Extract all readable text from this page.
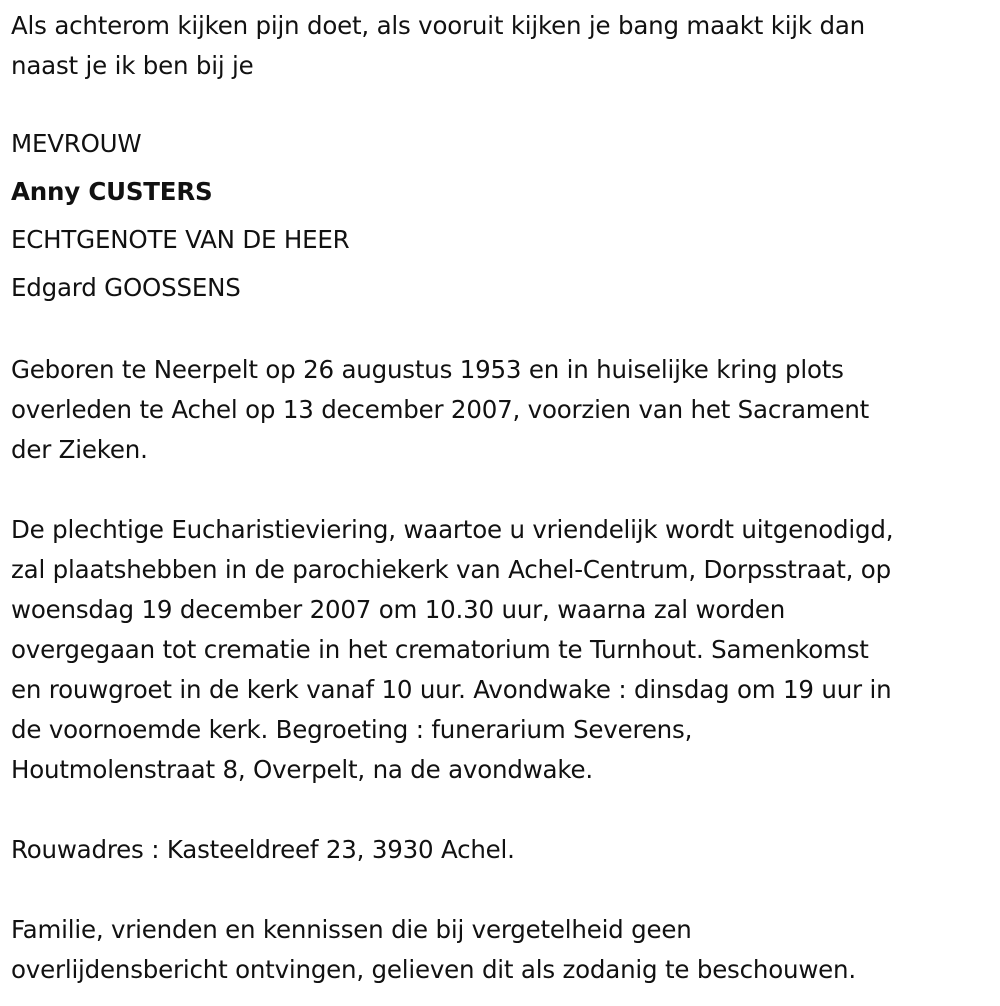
Als achterom kijken pijn doet, als vooruit kijken je bang maakt kijk dan
naast je ik ben bij je

MEVROUW
Anny CUSTERS
ECHTGENOTE VAN DE HEER
Edgard GOOSSENS

Geboren te Neerpelt op 26 augustus 1953 en in huiselijke kring plots
overleden te Achel op 13 december 2007, voorzien van het Sacrament
der Zieken.

De plechtige Eucharistieviering, waartoe u vriendelijk wordt uitgenodigd,
zal plaatshebben in de parochiekerk van Achel-Centrum, Dorpsstraat, op
woensdag 19 december 2007 om 10.30 uur, waarna zal worden
overgegaan tot crematie in het crematorium te Turnhout. Samenkomst
en rouwgroet in de kerk vanaf 10 uur. Avondwake : dinsdag om 19 uur in
de voornoemde kerk. Begroeting : funerarium Severens,
Houtmolenstraat 8, Overpelt, na de avondwake.

Rouwadres : Kasteeldreef 23, 3930 Achel.

Familie, vrienden en kennissen die bij vergetelheid geen
overlijdensbericht ontvingen, gelieven dit als zodanig te beschouwen.
